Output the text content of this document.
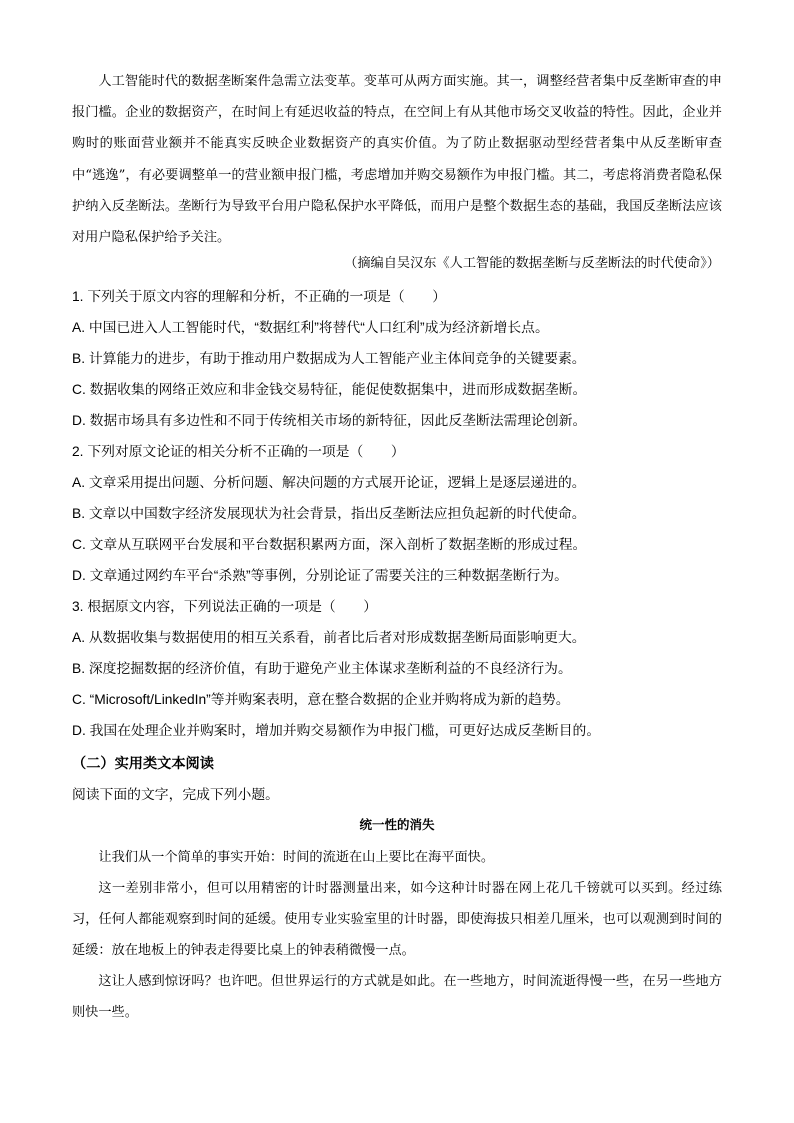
人工智能时代的数据垄断案件急需立法变革。变革可从两方面实施。其一，调整经营者集中反垄断审查的申报门槛。企业的数据资产，在时间上有延迟收益的特点，在空间上有从其他市场交叉收益的特性。因此，企业并购时的账面营业额并不能真实反映企业数据资产的真实价值。为了防止数据驱动型经营者集中从反垄断审查中“逃逸”，有必要调整单一的营业额申报门槛，考虑增加并购交易额作为申报门槛。其二，考虑将消费者隐私保护纳入反垄断法。垄断行为导致平台用户隐私保护水平降低，而用户是整个数据生态的基础，我国反垄断法应该对用户隐私保护给予关注。

（摘编自吴汉东《人工智能的数据垄断与反垄断法的时代使命》）

1. 下列关于原文内容的理解和分析，不正确的一项是（　　）

A. 中国已进入人工智能时代，“数据红利”将替代“人口红利”成为经济新增长点。

B. 计算能力的进步，有助于推动用户数据成为人工智能产业主体间竞争的关键要素。

C. 数据收集的网络正效应和非金钱交易特征，能促使数据集中，进而形成数据垄断。

D. 数据市场具有多边性和不同于传统相关市场的新特征，因此反垄断法需理论创新。

2. 下列对原文论证的相关分析不正确的一项是（　　）

A. 文章采用提出问题、分析问题、解决问题的方式展开论证，逻辑上是逐层递进的。

B. 文章以中国数字经济发展现状为社会背景，指出反垄断法应担负起新的时代使命。

C. 文章从互联网平台发展和平台数据积累两方面，深入剖析了数据垄断的形成过程。

D. 文章通过网约车平台“杀熟”等事例，分别论证了需要关注的三种数据垄断行为。

3. 根据原文内容，下列说法正确的一项是（　　）

A. 从数据收集与数据使用的相互关系看，前者比后者对形成数据垄断局面影响更大。

B. 深度挖掘数据的经济价值，有助于避免产业主体谋求垄断利益的不良经济行为。

C. “Microsoft/LinkedIn”等并购案表明，意在整合数据的企业并购将成为新的趋势。

D. 我国在处理企业并购案时，增加并购交易额作为申报门槛，可更好达成反垄断目的。

（二）实用类文本阅读

阅读下面的文字，完成下列小题。

统一性的消失

让我们从一个简单的事实开始：时间的流逝在山上要比在海平面快。

这一差别非常小，但可以用精密的计时器测量出来，如今这种计时器在网上花几千镑就可以买到。经过练习，任何人都能观察到时间的延缓。使用专业实验室里的计时器，即使海拔只相差几厘米，也可以观测到时间的延缓：放在地板上的钟表走得要比桌上的钟表稍微慢一点。

这让人感到惊讶吗？也许吧。但世界运行的方式就是如此。在一些地方，时间流逝得慢一些，在另一些地方则快一些。
